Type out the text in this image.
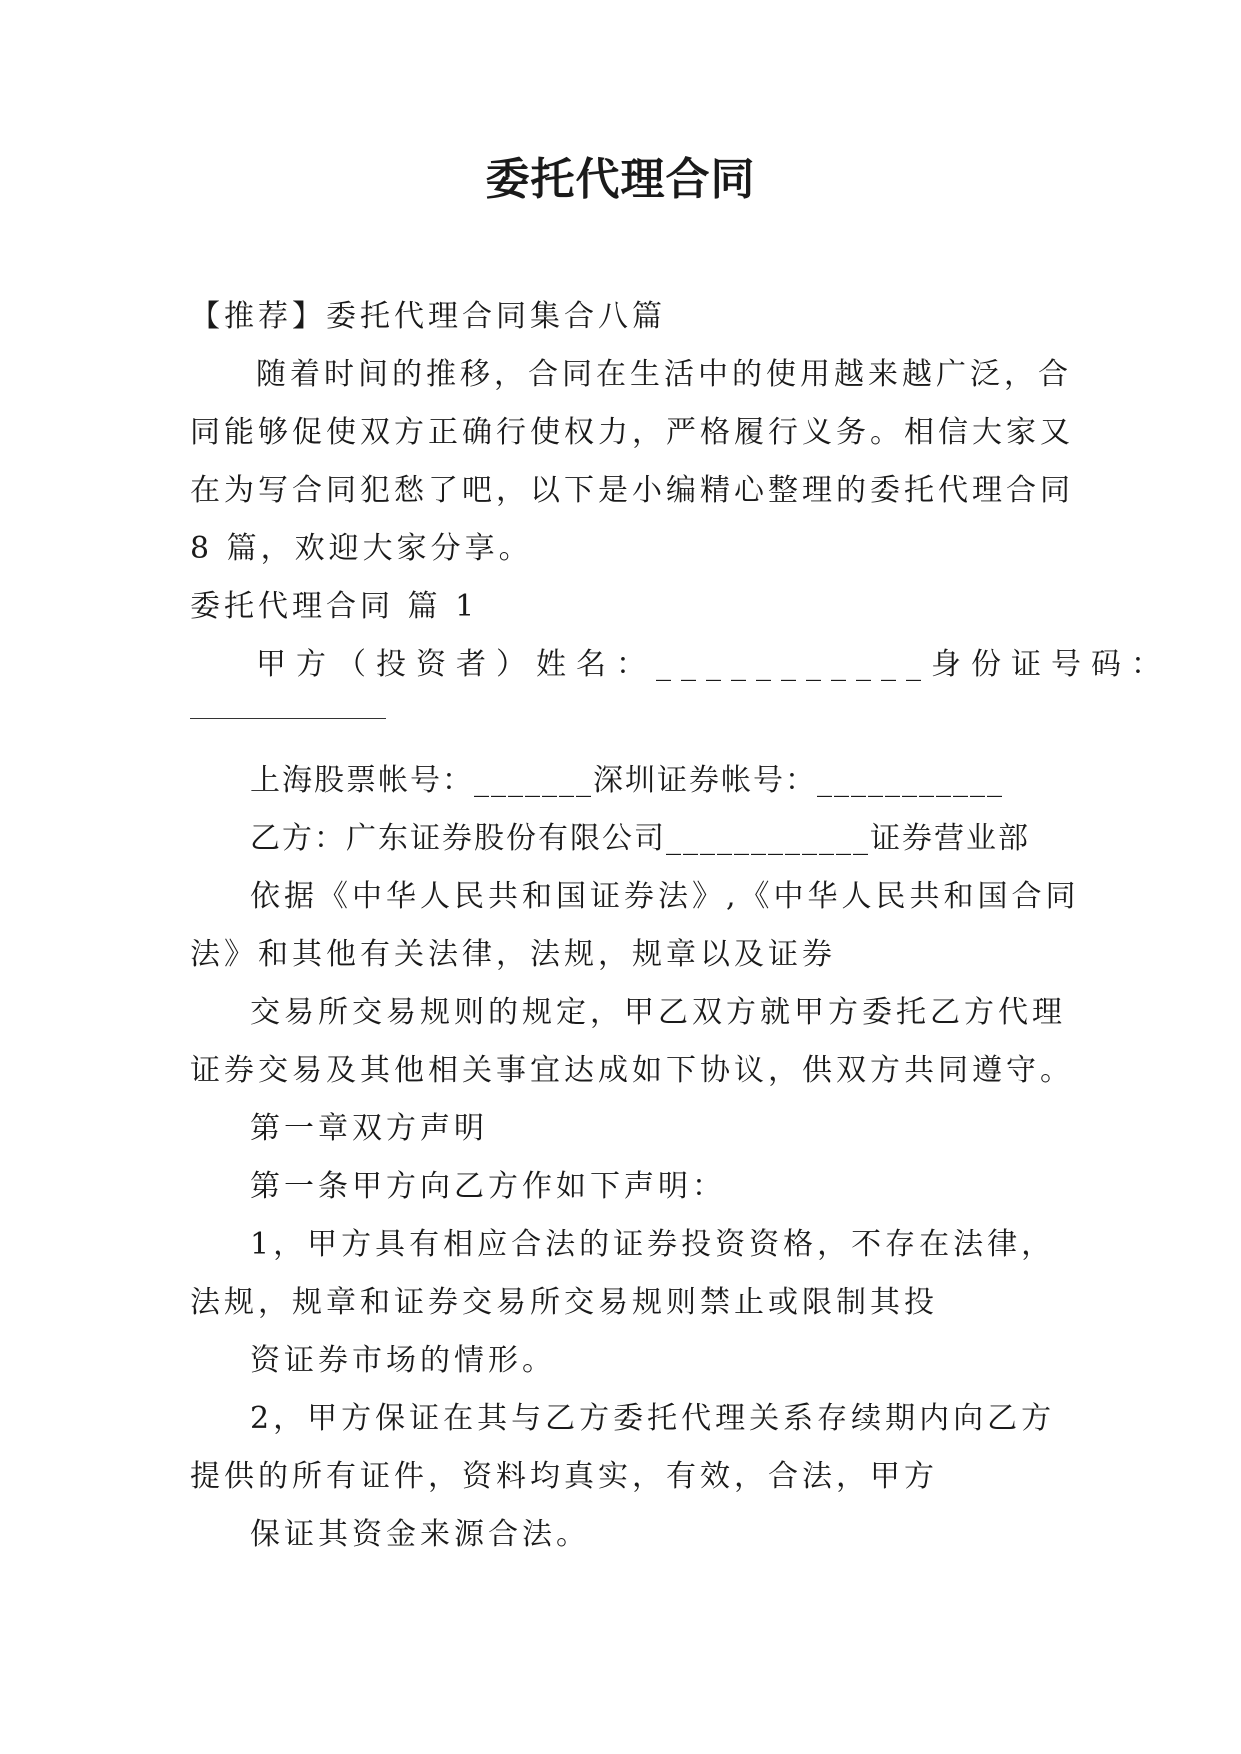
委托代理合同
【推荐】委托代理合同集合八篇
随着时间的推移，合同在生活中的使用越来越广泛，合
同能够促使双方正确行使权力，严格履行义务。相信大家又
在为写合同犯愁了吧，以下是小编精心整理的委托代理合同
8 篇，欢迎大家分享。
委托代理合同 篇 1
甲方（投资者）姓名：___________身份证号码：
上海股票帐号：_______深圳证券帐号：___________
乙方：广东证券股份有限公司____________证券营业部
依据《中华人民共和国证券法》,《中华人民共和国合同
法》和其他有关法律，法规，规章以及证券
交易所交易规则的规定，甲乙双方就甲方委托乙方代理
证券交易及其他相关事宜达成如下协议，供双方共同遵守。
第一章双方声明
第一条甲方向乙方作如下声明：
1，甲方具有相应合法的证券投资资格，不存在法律，
法规，规章和证券交易所交易规则禁止或限制其投
资证券市场的情形。
2，甲方保证在其与乙方委托代理关系存续期内向乙方
提供的所有证件，资料均真实，有效，合法，甲方
保证其资金来源合法。
